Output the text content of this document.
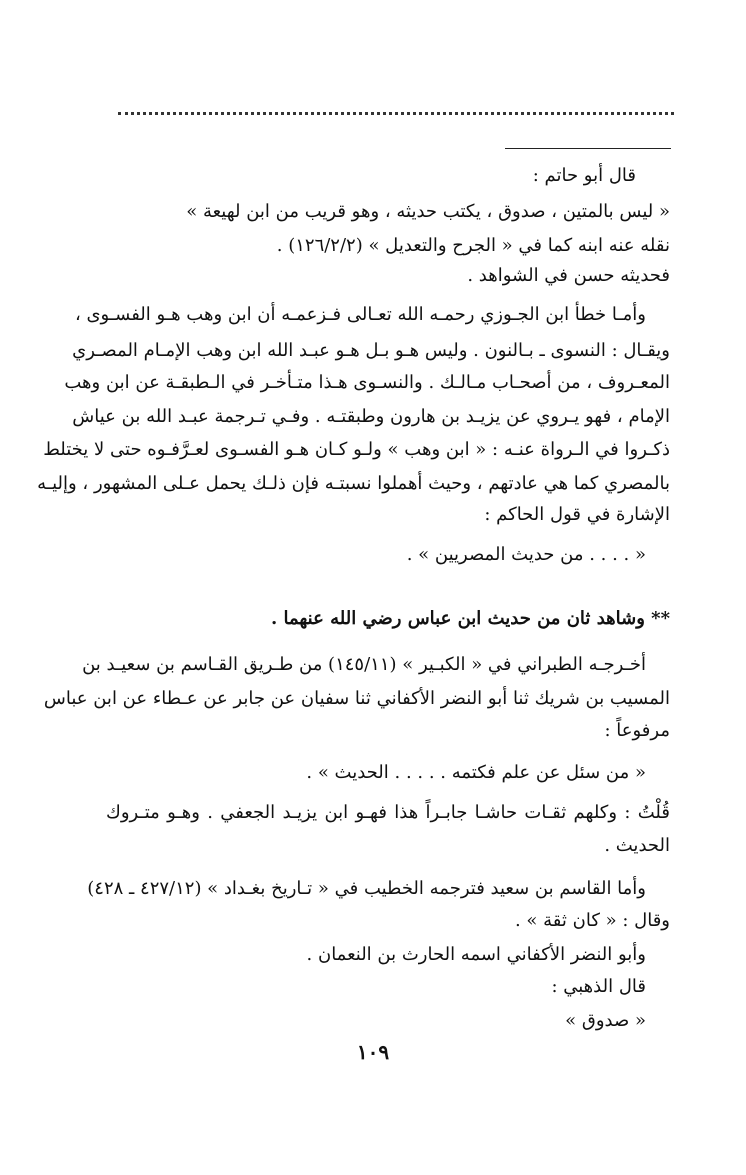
قال أبو حاتم :
« ليس بالمتين ، صدوق ، يكتب حديثه ، وهو قريب من ابن لهيعة »
نقله عنه ابنه كما في « الجرح والتعديل » (١٢٦/٢/٢) .
فحديثه حسن في الشواهد .
وأمـا خطأ ابن الجـوزي رحمـه الله تعـالى فـزعمـه أن ابن وهب هـو الفسـوى ،
ويقـال : النسوى ـ بـالنون . وليس هـو بـل هـو عبـد الله ابن وهب الإمـام المصـري
المعـروف ، من أصحـاب مـالـك . والنسـوى هـذا متـأخـر في الـطبقـة عن ابن وهب
الإمام ، فهو يـروي عن يزيـد بن هارون وطبقتـه . وفـي تـرجمة عبـد الله بن عياش
ذكـروا في الـرواة عنـه : « ابن وهب » ولـو كـان هـو الفسـوى لعـرَّفـوه حتى لا يختلط
بالمصري كما هي عادتهم ، وحيث أهملوا نسبتـه فإن ذلـك يحمل عـلى المشهور ، وإليـه
الإشارة في قول الحاكم :
« . . . . من حديث المصريين » .
** وشاهد ثان من حديث ابن عباس رضي الله عنهما .
أخـرجـه الطبراني في « الكبـير » (١٤٥/١١) من طـريق القـاسم بن سعيـد بن
المسيب بن شريك ثنا أبو النضر الأكفاني ثنا سفيان عن جابر عن عـطاء عن ابن عباس
مرفوعاً :
« من سئل عن علم فكتمه . . . . . الحديث » .
قُلْتُ : وكلهم ثقـات حاشـا جابـراً هذا فهـو ابن يزيـد الجعفي . وهـو متـروك
الحديث .
وأما القاسم بن سعيد فترجمه الخطيب في « تـاريخ بغـداد » (٤٢٧/١٢ ـ ٤٢٨)
وقال : « كان ثقة » .
وأبو النضر الأكفاني اسمه الحارث بن النعمان .
قال الذهبي :
« صدوق »
١٠٩
